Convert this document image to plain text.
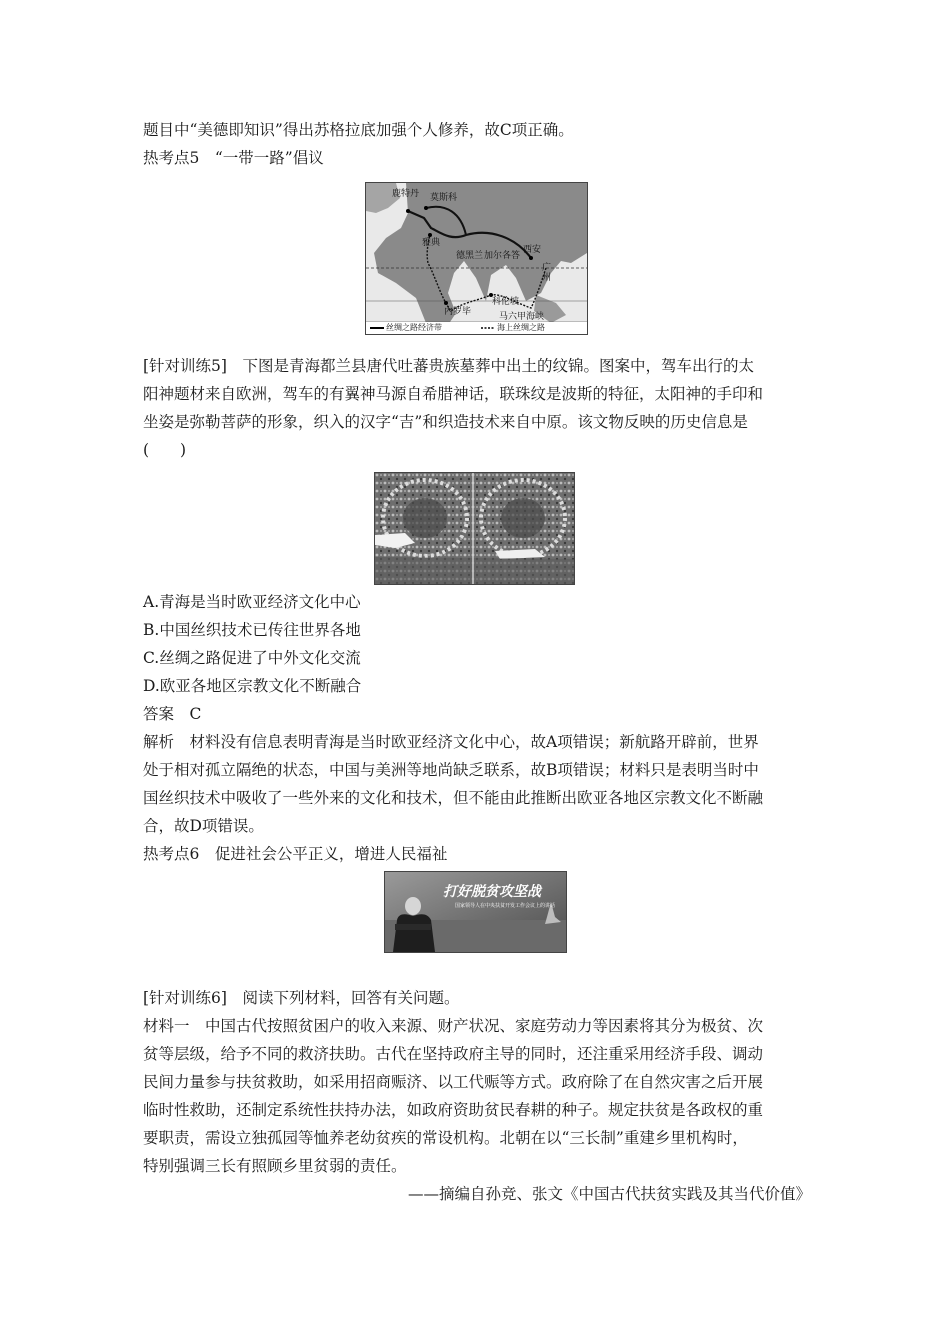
题目中“美德即知识”得出苏格拉底加强个人修养，故C项正确。
热考点5　“一带一路”倡议
鹿特丹 莫斯科
雅典
西安
德黑兰 加尔各答
广州
科伦坡
内罗毕	马六甲海峡
丝绸之路经济带	海上丝绸之路
[针对训练5]　下图是青海都兰县唐代吐蕃贵族墓葬中出土的纹锦。图案中，驾车出行的太
阳神题材来自欧洲，驾车的有翼神马源自希腊神话，联珠纹是波斯的特征，太阳神的手印和
坐姿是弥勒菩萨的形象，织入的汉字“吉”和织造技术来自中原。该文物反映的历史信息是
(　　)
A.青海是当时欧亚经济文化中心
B.中国丝织技术已传往世界各地
C.丝绸之路促进了中外文化交流
D.欧亚各地区宗教文化不断融合
答案　C
解析　材料没有信息表明青海是当时欧亚经济文化中心，故A项错误；新航路开辟前，世界
处于相对孤立隔绝的状态，中国与美洲等地尚缺乏联系，故B项错误；材料只是表明当时中
国丝织技术中吸收了一些外来的文化和技术，但不能由此推断出欧亚各地区宗教文化不断融
合，故D项错误。
热考点6　促进社会公平正义，增进人民福祉
打好脱贫攻坚战
国家领导人在中央扶贫开发工作会议上的讲话
[针对训练6]　阅读下列材料，回答有关问题。
材料一　中国古代按照贫困户的收入来源、财产状况、家庭劳动力等因素将其分为极贫、次
贫等层级，给予不同的救济扶助。古代在坚持政府主导的同时，还注重采用经济手段、调动
民间力量参与扶贫救助，如采用招商赈济、以工代赈等方式。政府除了在自然灾害之后开展
临时性救助，还制定系统性扶持办法，如政府资助贫民春耕的种子。规定扶贫是各政权的重
要职责，需设立独孤园等恤养老幼贫疾的常设机构。北朝在以“三长制”重建乡里机构时，
特别强调三长有照顾乡里贫弱的责任。
——摘编自孙竞、张文《中国古代扶贫实践及其当代价值》
